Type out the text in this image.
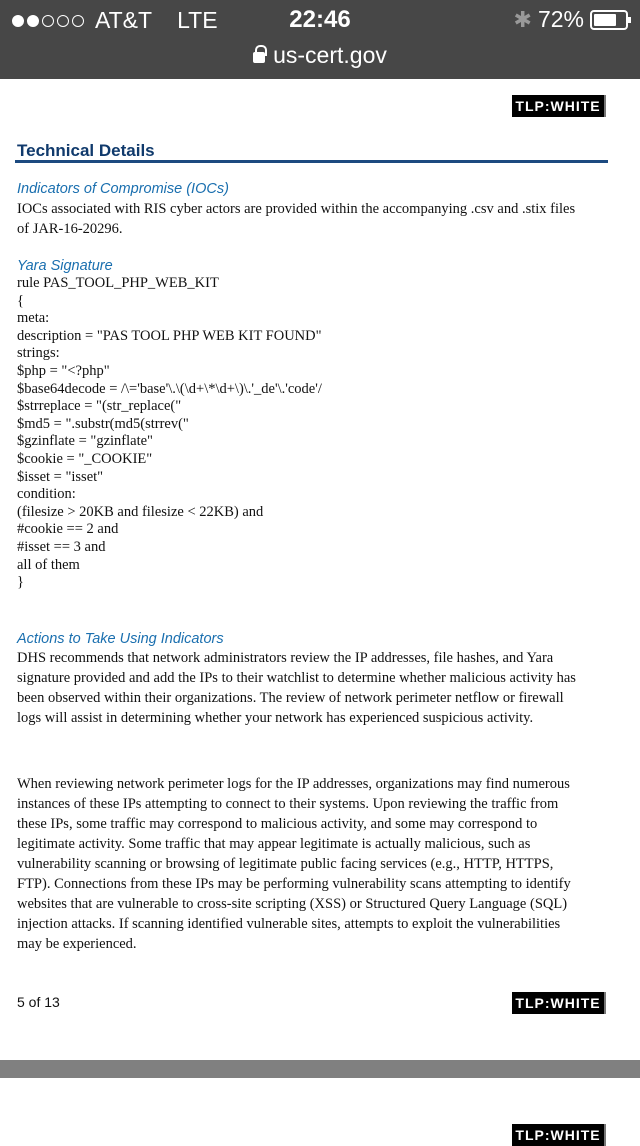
AT&T LTE	22:46	✱ 72%
us-cert.gov
TLP:WHITE
Technical Details
Indicators of Compromise (IOCs)
IOCs associated with RIS cyber actors are provided within the accompanying .csv and .stix files
of JAR-16-20296.
Yara Signature
rule PAS_TOOL_PHP_WEB_KIT
{
meta:
description = "PAS TOOL PHP WEB KIT FOUND"
strings:
$php = "<?php"
$base64decode = /\='base'\.\(\d+\*\d+\)\.'_de'\.'code'/
$strreplace = "(str_replace("
$md5 = ".substr(md5(strrev("
$gzinflate = "gzinflate"
$cookie = "_COOKIE"
$isset = "isset"
condition:
(filesize > 20KB and filesize < 22KB) and
#cookie == 2 and
#isset == 3 and
all of them
}
Actions to Take Using Indicators
DHS recommends that network administrators review the IP addresses, file hashes, and Yara
signature provided and add the IPs to their watchlist to determine whether malicious activity has
been observed within their organizations. The review of network perimeter netflow or firewall
logs will assist in determining whether your network has experienced suspicious activity.
When reviewing network perimeter logs for the IP addresses, organizations may find numerous
instances of these IPs attempting to connect to their systems. Upon reviewing the traffic from
these IPs, some traffic may correspond to malicious activity, and some may correspond to
legitimate activity. Some traffic that may appear legitimate is actually malicious, such as
vulnerability scanning or browsing of legitimate public facing services (e.g., HTTP, HTTPS,
FTP). Connections from these IPs may be performing vulnerability scans attempting to identify
websites that are vulnerable to cross-site scripting (XSS) or Structured Query Language (SQL)
injection attacks. If scanning identified vulnerable sites, attempts to exploit the vulnerabilities
may be experienced.
5 of 13	TLP:WHITE
TLP:WHITE
